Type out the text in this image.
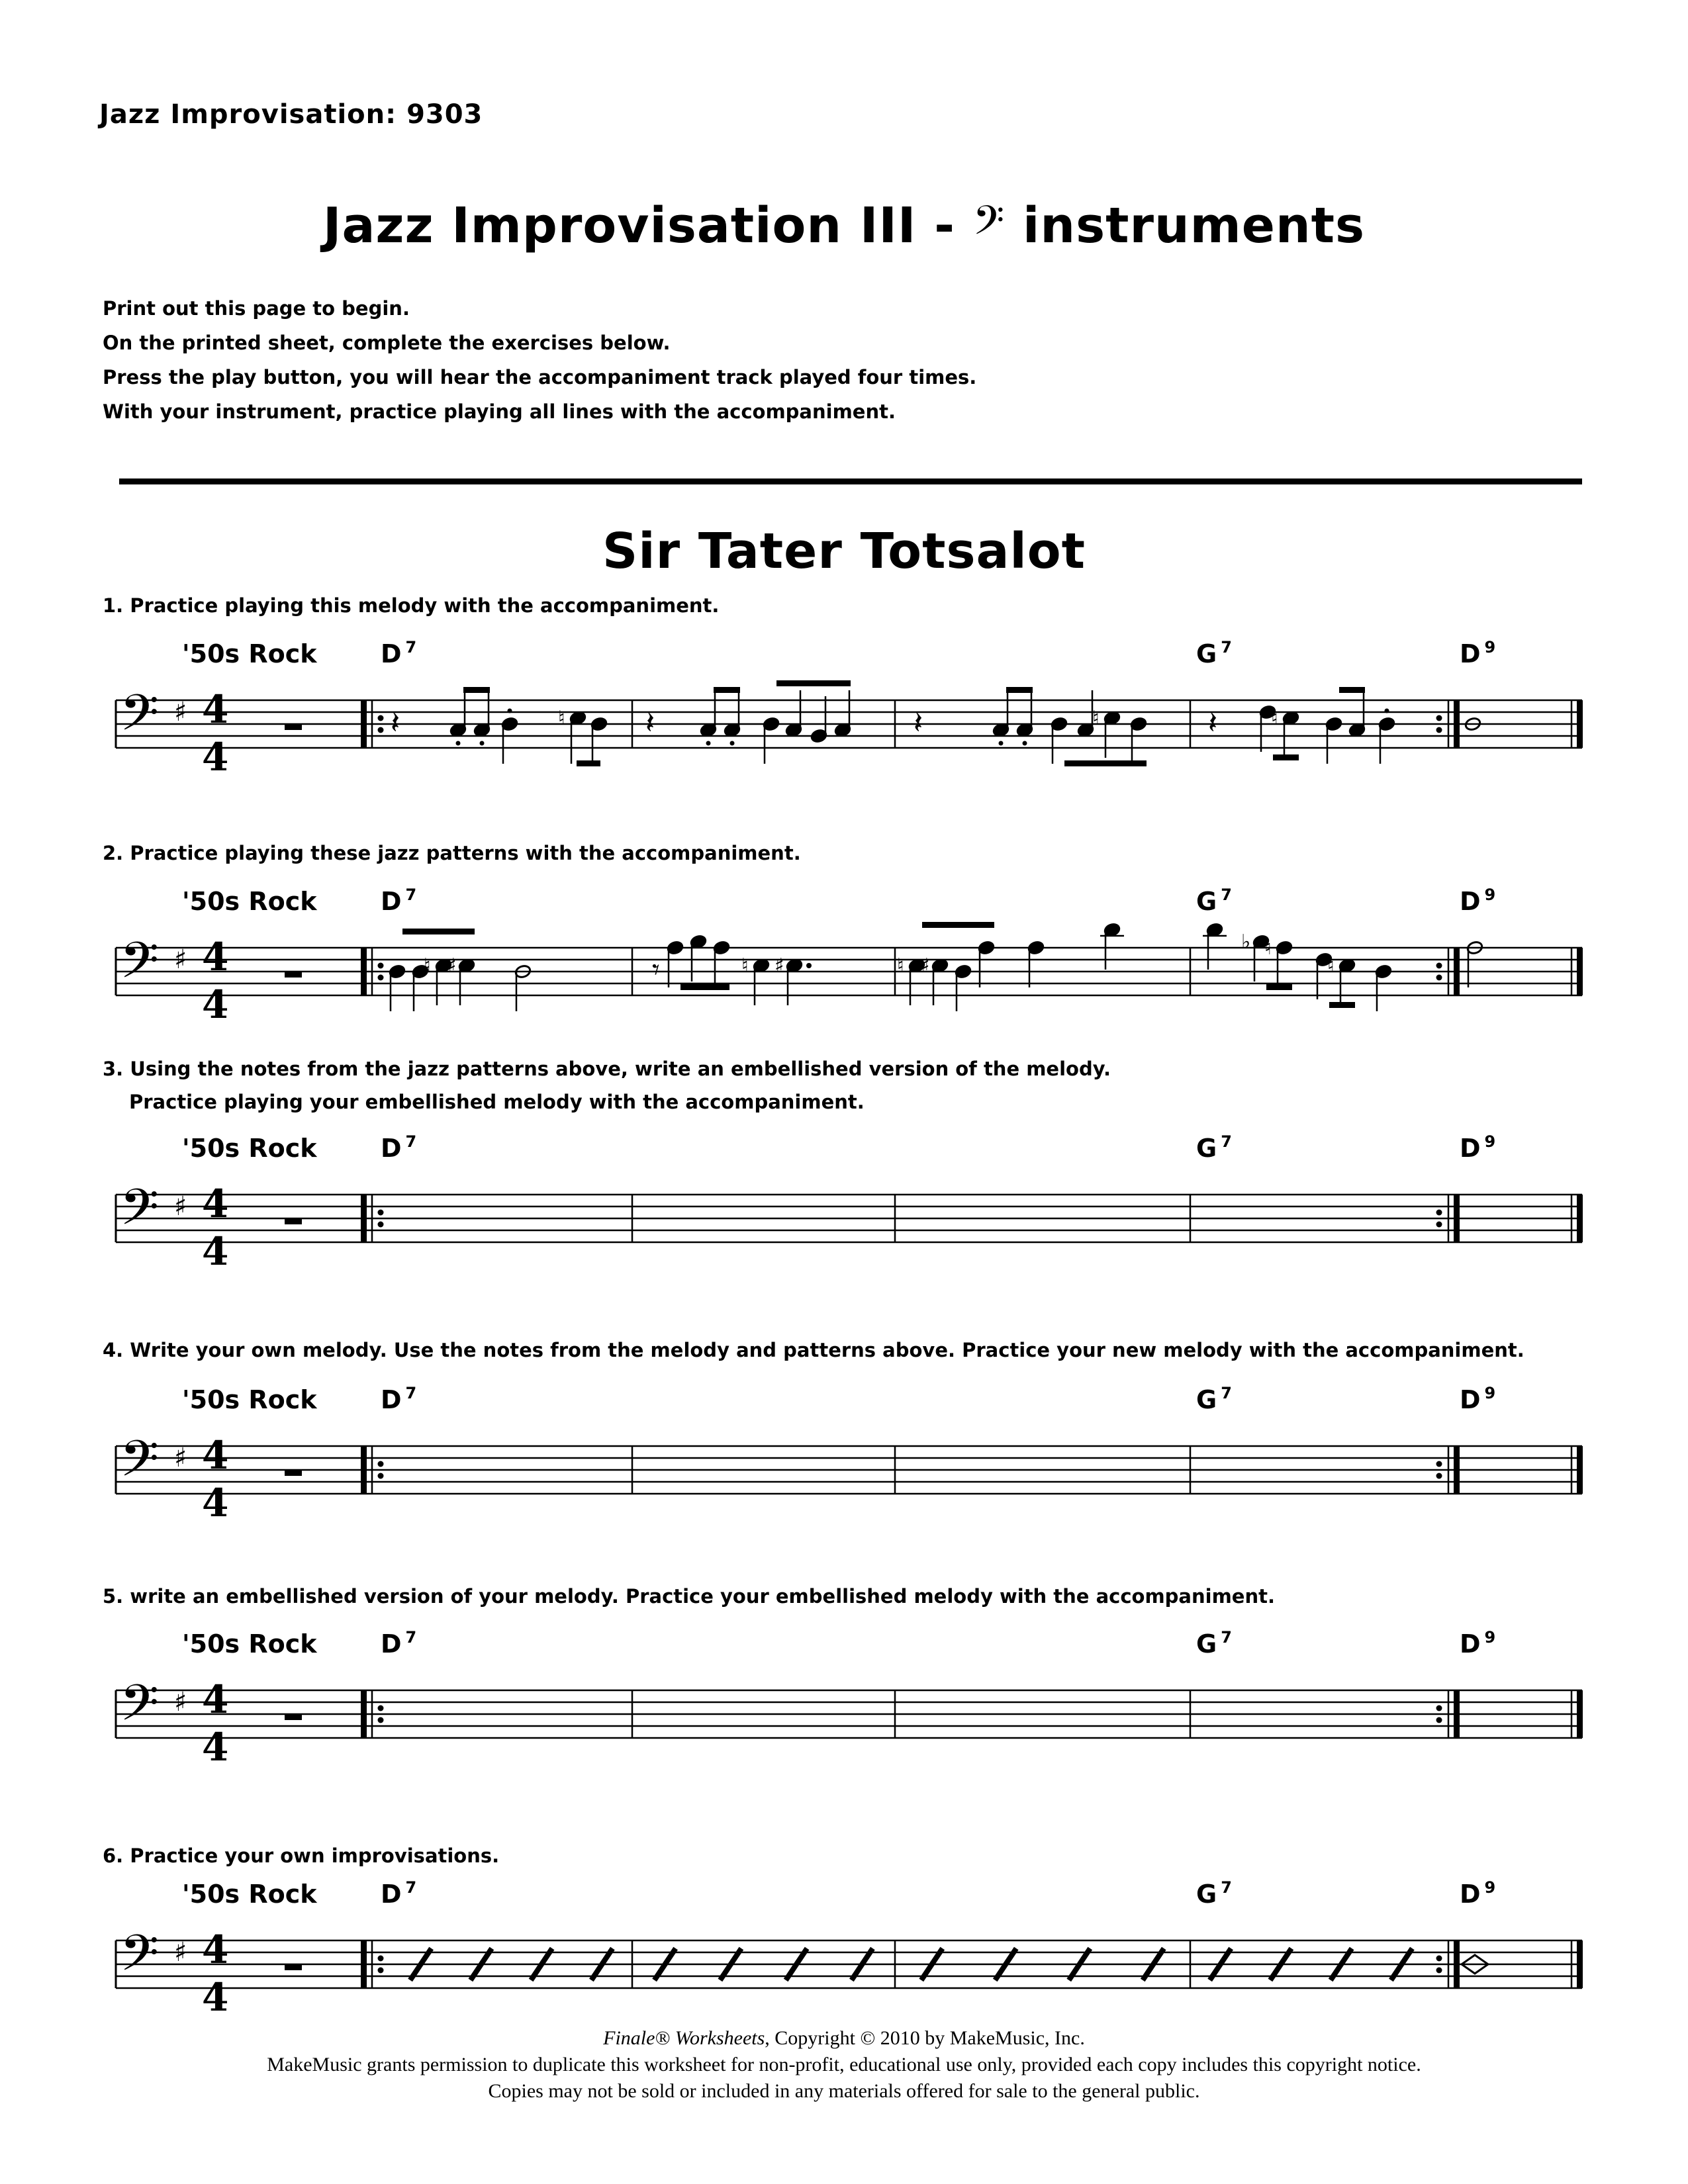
Jazz Improvisation: 9303
Jazz Improvisation III - 𝄢 instruments
Print out this page to begin.
On the printed sheet, complete the exercises below.
Press the play button, you will hear the accompaniment track played four times.
With your instrument, practice playing all lines with the accompaniment.
Sir Tater Totsalot
1. Practice playing this melody with the accompaniment.
2. Practice playing these jazz patterns with the accompaniment.
3. Using the notes from the jazz patterns above, write an embellished version of the melody.
Practice playing your embellished melody with the accompaniment.
4. Write your own melody. Use the notes from the melody and patterns above. Practice your new melody with the accompaniment.
5. write an embellished version of your melody. Practice your embellished melody with the accompaniment.
6. Practice your own improvisations.
'50s Rock	D $^7$	G $^7$	D $^9$
'50s Rock	D $^7$	G $^7$	D $^9$
'50s Rock	D $^7$	G $^7$	D $^9$
'50s Rock	D $^7$	G $^7$	D $^9$
'50s Rock	D $^7$	G $^7$	D $^9$
'50s Rock	D $^7$	G $^7$	D $^9$
𝄢 ♯ 4
4
𝄽	♮	𝄽	𝄽	♮	𝄽	♮
𝄢 ♯ 4
4
♮ ♯	𝄾	♮ ♯	♮ ♯
♭ ♮
♮
𝄢 ♯ 4
4
𝄢 ♯ 4
4
𝄢 ♯ 4
4
𝄢 ♯ 4
4
Finale® Worksheets, Copyright © 2010 by MakeMusic, Inc.
MakeMusic grants permission to duplicate this worksheet for non-profit, educational use only, provided each copy includes this copyright notice.
Copies may not be sold or included in any materials offered for sale to the general public.
